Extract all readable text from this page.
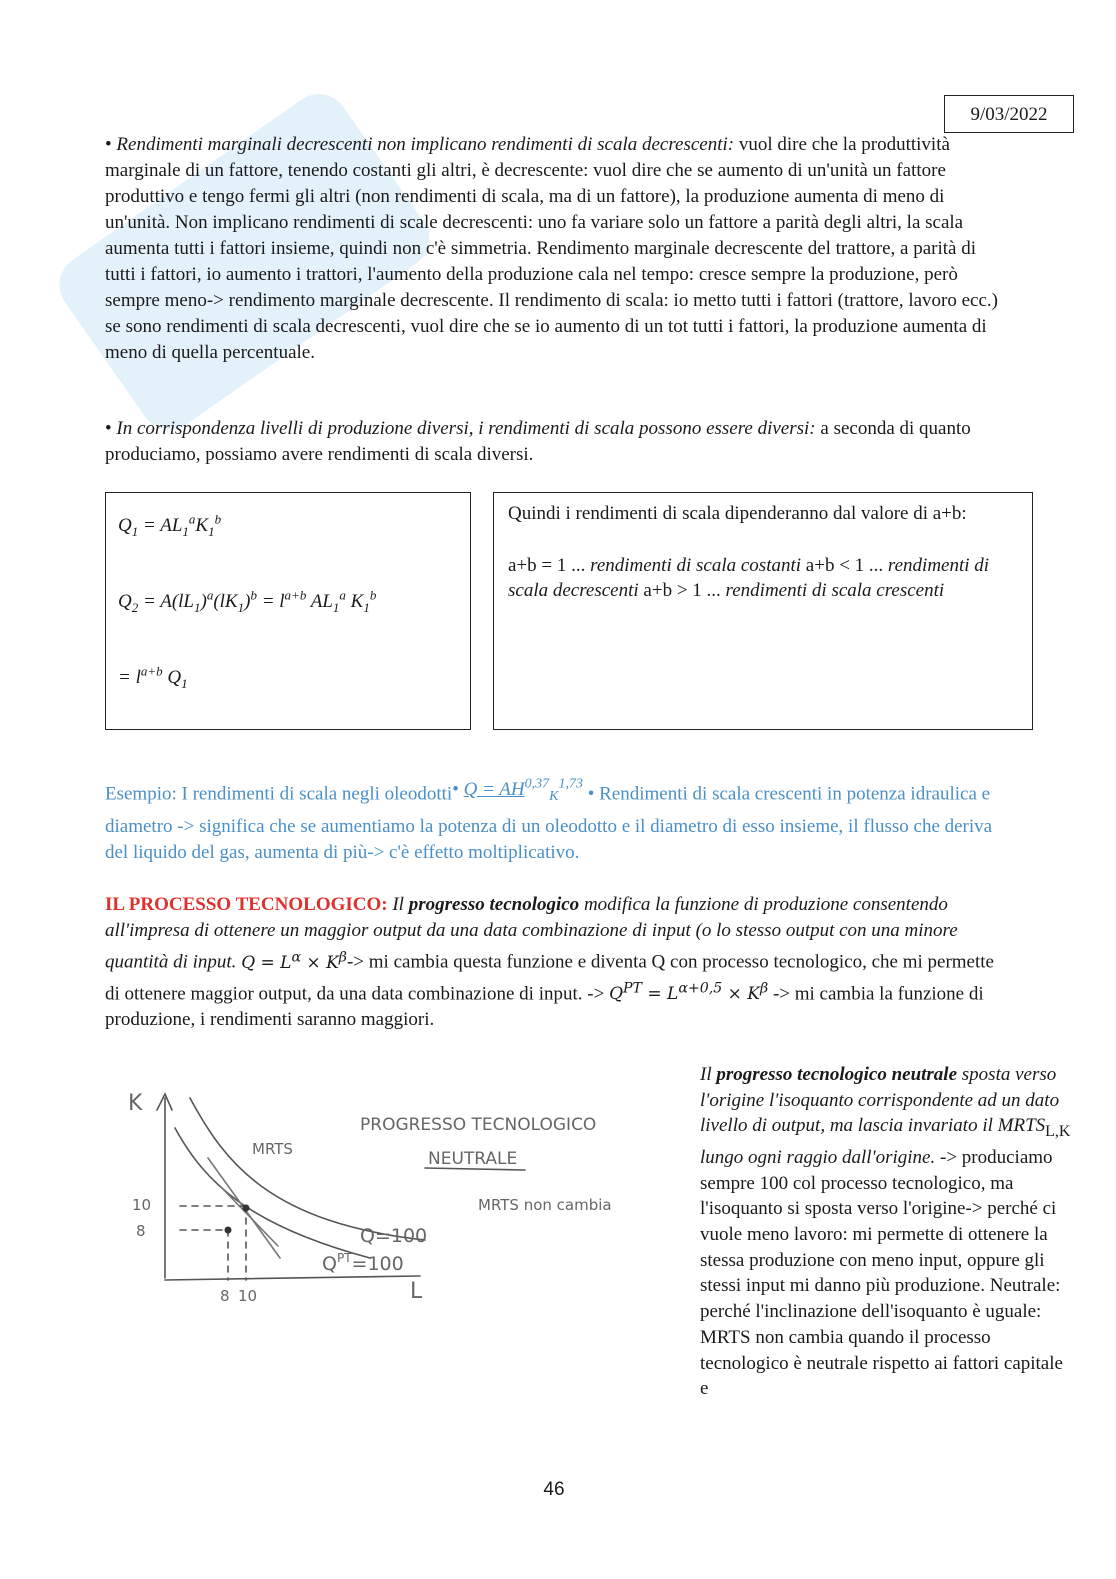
9/03/2022
• Rendimenti marginali decrescenti non implicano rendimenti di scala decrescenti: vuol dire che la produttività marginale di un fattore, tenendo costanti gli altri, è decrescente: vuol dire che se aumento di un'unità un fattore produttivo e tengo fermi gli altri (non rendimenti di scala, ma di un fattore), la produzione aumenta di meno di un'unità. Non implicano rendimenti di scale decrescenti: uno fa variare solo un fattore a parità degli altri, la scala aumenta tutti i fattori insieme, quindi non c'è simmetria. Rendimento marginale decrescente del trattore, a parità di tutti i fattori, io aumento i trattori, l'aumento della produzione cala nel tempo: cresce sempre la produzione, però sempre meno-> rendimento marginale decrescente. Il rendimento di scala: io metto tutti i fattori (trattore, lavoro ecc.) se sono rendimenti di scala decrescenti, vuol dire che se io aumento di un tot tutti i fattori, la produzione aumenta di meno di quella percentuale.
• In corrispondenza livelli di produzione diversi, i rendimenti di scala possono essere diversi: a seconda di quanto produciamo, possiamo avere rendimenti di scala diversi.
$Q_1 = AL_1^aK_1^b$
$Q_2 = A(lL_1)^a(lK_1)^b = l^{a+b}$ $AL_1^a$ $K_1^b$
= $l^{a+b}$ $Q_1$
Quindi i rendimenti di scala dipenderanno dal valore di a+b:
a+b = 1 ... rendimenti di scala costanti a+b < 1 ... rendimenti di scala decrescenti a+b > 1 ... rendimenti di scala crescenti
Esempio: I rendimenti di scala negli oleodotti• Q = AH$^{0,37}_K^{1,73}$ • Rendimenti di scala crescenti in potenza idraulica e diametro -> significa che se aumentiamo la potenza di un oleodotto e il diametro di esso insieme, il flusso che deriva del liquido del gas, aumenta di più-> c'è effetto moltiplicativo.
IL PROCESSO TECNOLOGICO: Il progresso tecnologico modifica la funzione di produzione consentendo all'impresa di ottenere un maggior output da una data combinazione di input (o lo stesso output con una minore quantità di input. $Q = L^\alpha \times K^\beta->$ mi cambia questa funzione e diventa Q con processo tecnologico, che mi permette di ottenere maggior output, da una data combinazione di input. -> $Q^{PT} = L^{\alpha+0,5} \times K^\beta$ -> mi cambia la funzione di produzione, i rendimenti saranno maggiori.
K
L
PROGRESSO TECNOLOGICO
NEUTRALE
MRTS
MRTS non cambia
10
8
8 10
Q=100
$Q^{PT}=100$
Il progresso tecnologico neutrale sposta verso l'origine l'isoquanto corrispondente ad un dato livello di output, ma lascia invariato il $MRTS_{L,K}$ lungo ogni raggio dall'origine. -> produciamo sempre 100 col processo tecnologico, ma l'isoquanto si sposta verso l'origine-> perché ci vuole meno lavoro: mi permette di ottenere la stessa produzione con meno input, oppure gli stessi input mi danno più produzione. Neutrale: perché l'inclinazione dell'isoquanto è uguale: MRTS non cambia quando il processo tecnologico è neutrale rispetto ai fattori capitale e
46
